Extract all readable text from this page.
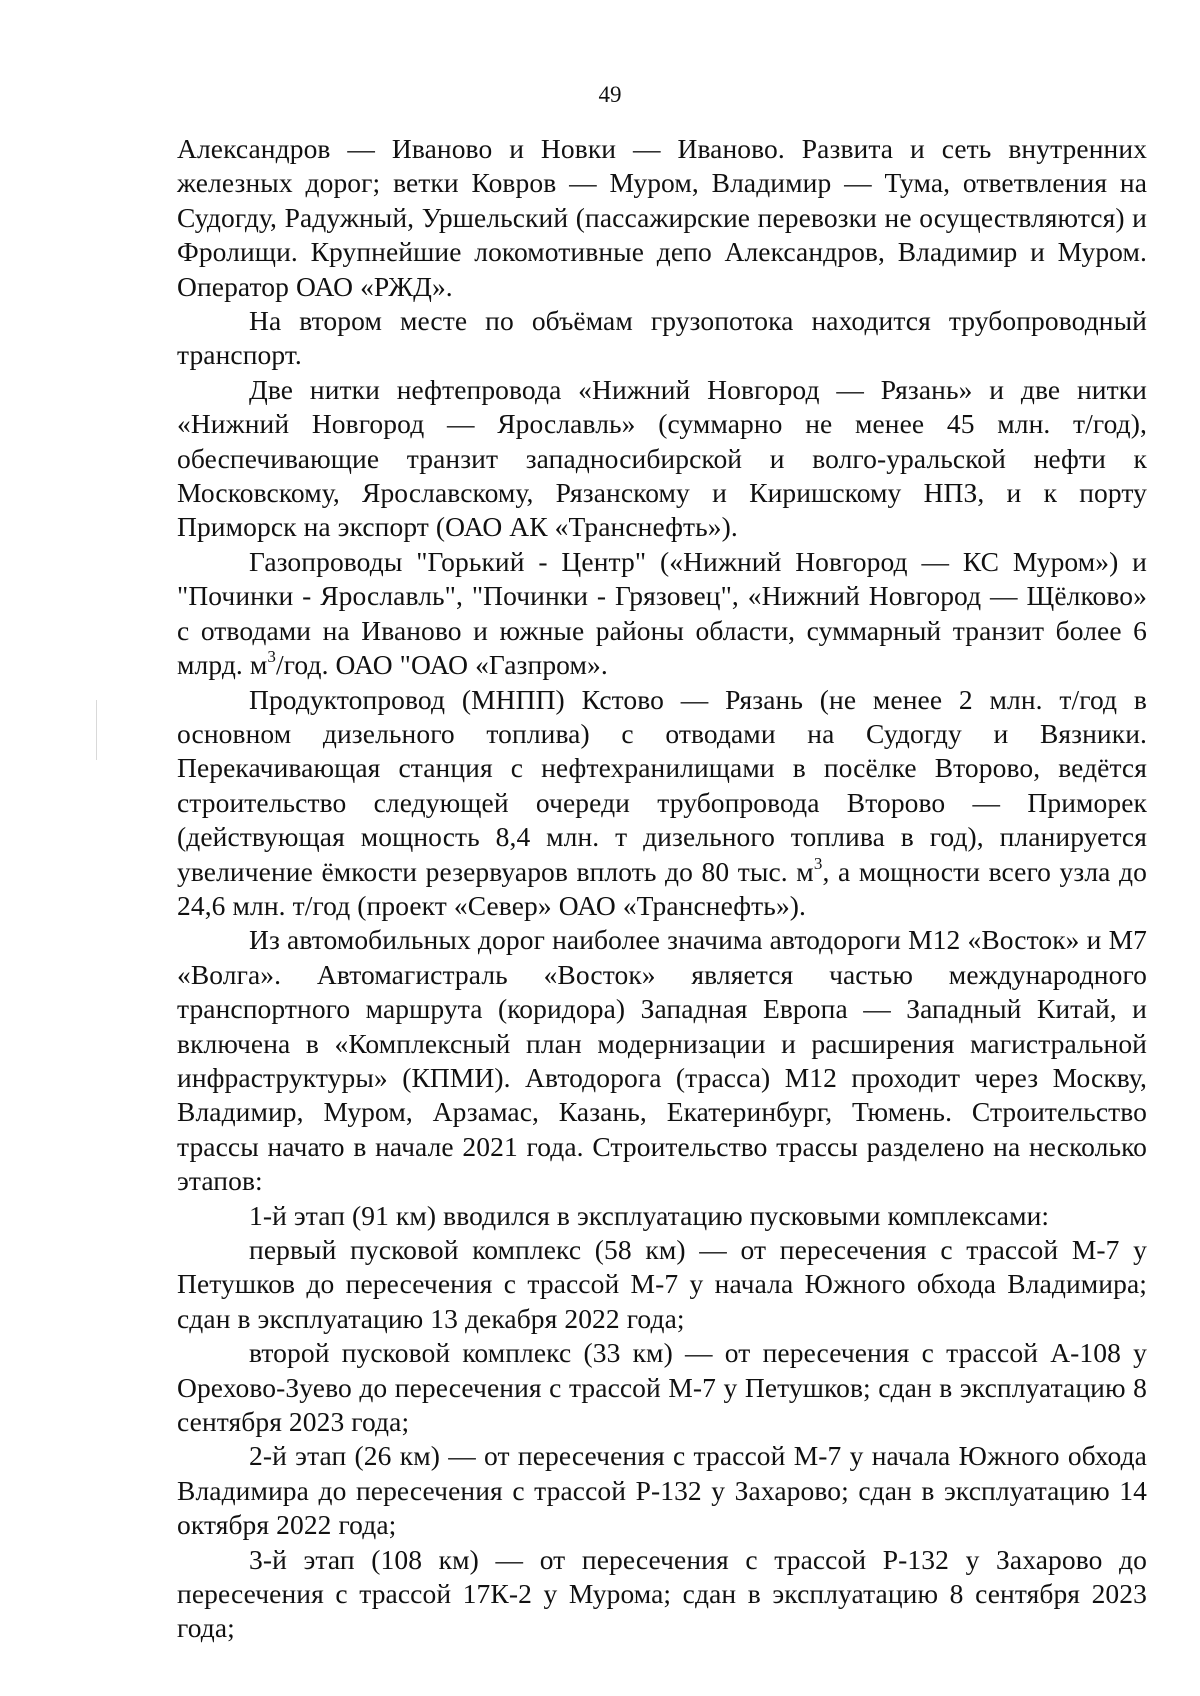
49

Александров — Иваново и Новки — Иваново. Развита и сеть внутренних железных дорог; ветки Ковров — Муром, Владимир — Тума, ответвления на Судогду, Радужный, Уршельский (пассажирские перевозки не осуществляются) и Фролищи. Крупнейшие локомотивные депо Александров, Владимир и Муром. Оператор ОАО «РЖД».

На втором месте по объёмам грузопотока находится трубопроводный транспорт.

Две нитки нефтепровода «Нижний Новгород — Рязань» и две нитки «Нижний Новгород — Ярославль» (суммарно не менее 45 млн. т/год), обеспечивающие транзит западносибирской и волго-уральской нефти к Московскому, Ярославскому, Рязанскому и Киришскому НПЗ, и к порту Приморск на экспорт (ОАО АК «Транснефть»).

Газопроводы "Горький - Центр" («Нижний Новгород — КС Муром») и "Починки - Ярославль", "Починки - Грязовец", «Нижний Новгород — Щёлково» с отводами на Иваново и южные районы области, суммарный транзит более 6 млрд. $м^3$/год. ОАО "ОАО «Газпром».

Продуктопровод (МНПП) Кстово — Рязань (не менее 2 млн. т/год в основном дизельного топлива) с отводами на Судогду и Вязники. Перекачивающая станция с нефтехранилищами в посёлке Второво, ведётся строительство следующей очереди трубопровода Второво — Приморек (действующая мощность 8,4 млн. т дизельного топлива в год), планируется увеличение ёмкости резервуаров вплоть до 80 тыс. $м^3$, а мощности всего узла до 24,6 млн. т/год (проект «Север» ОАО «Транснефть»).

Из автомобильных дорог наиболее значима автодороги М12 «Восток» и М7 «Волга». Автомагистраль «Восток» является частью международного транспортного маршрута (коридора) Западная Европа — Западный Китай, и включена в «Комплексный план модернизации и расширения магистральной инфраструктуры» (КПМИ). Автодорога (трасса) М12 проходит через Москву, Владимир, Муром, Арзамас, Казань, Екатеринбург, Тюмень. Строительство трассы начато в начале 2021 года. Строительство трассы разделено на несколько этапов:

1-й этап (91 км) вводился в эксплуатацию пусковыми комплексами:

первый пусковой комплекс (58 км) — от пересечения с трассой М-7 у Петушков до пересечения с трассой М-7 у начала Южного обхода Владимира; сдан в эксплуатацию 13 декабря 2022 года;

второй пусковой комплекс (33 км) — от пересечения с трассой А-108 у Орехово-Зуево до пересечения с трассой М-7 у Петушков; сдан в эксплуатацию 8 сентября 2023 года;

2-й этап (26 км) — от пересечения с трассой М-7 у начала Южного обхода Владимира до пересечения с трассой Р-132 у Захарово; сдан в эксплуатацию 14 октября 2022 года;

3-й этап (108 км) — от пересечения с трассой Р-132 у Захарово до пересечения с трассой 17К-2 у Мурома; сдан в эксплуатацию 8 сентября 2023 года;
